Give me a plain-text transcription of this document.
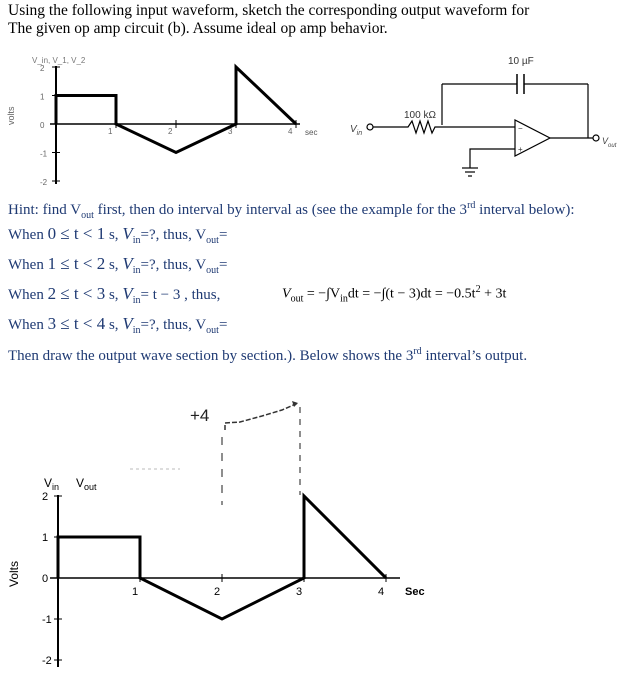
Using the following input waveform, sketch the corresponding output waveform for
The given op amp circuit (b). Assume ideal op amp behavior.
volts
V_in, V_1, V_2
2
1
0
-1
-2
1	2	3	4 sec
10 µF
$V_{in}$
100 kΩ
−
+
$V_{out}$
Hint: find $V_{out}$ first, then do interval by interval as (see the example for the 3rd interval below):
When 0 ≤ t < 1 s, $V_{in}=$?, thus, $V_{out}=$
When 1 ≤ t < 2 s, $V_{in}=$?, thus, $V_{out}=$
When 2 ≤ t < 3 s, $V_{in}= t - 3$ , thus,	$V_{out} = -\int V_{in}dt = -\int(t - 3)dt = -0.5t^2 + 3t$
When 3 ≤ t < 4 s, $V_{in}=$?, thus, $V_{out}=$
Then draw the output wave section by section.). Below shows the 3rd interval’s output.
+4
$V_{in}$ $V_{out}$
Volts
2
1
0
-1
-2
1	2	3	4 Sec
